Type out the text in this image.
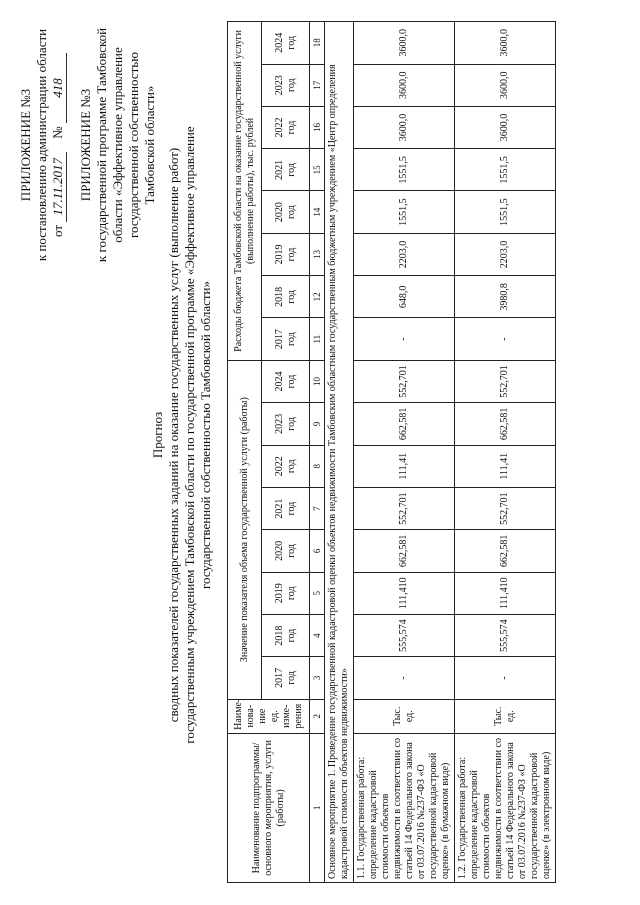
ПРИЛОЖЕНИЕ №3 к постановлению администрации области от 17.11.2017    № 418
ПРИЛОЖЕНИЕ №3 к государственной программе Тамбовской области «Эффективное управление государственной собственностью Тамбовской области»
Прогноз сводных показателей государственных заданий на оказание государственных услуг (выполнение работ) государственным учреждением Тамбовской области по государственной программе «Эффективное управление государственной собственностью Тамбовской области»
Наименование подпрограммы/основного мероприятия, услуги (работы)	Наиме-нова-ние ед. изме-рения	Значение показателя объема государственной услуги (работы)								Расходы бюджета Тамбовской области на оказание государственной услуги (выполнение работы), тыс. рублей							
		2017 год	2018 год	2019 год	2020 год	2021 год	2022 год	2023 год	2024 год	2017 год	2018 год	2019 год	2020 год	2021 год	2022 год	2023 год	2024 год
1	2	3	4	5	6	7	8	9	10	11	12	13	14	15	16	17	18
Основное мероприятие 1. Проведение государственной кадастровой оценки объектов недвижимости Тамбовским областным государственным бюджетным учреждением «Центр определения кадастровой стоимости объектов недвижимости»																	
1.1. Государственная работа: определение кадастровой стоимости объектов недвижимости в соответствии со статьей 14 Федерального закона от 03.07.2016 №237-ФЗ «О государственной кадастровой оценке» (в бумажном виде)	Тыс. ед.	-	555,574	111,410	662,581	552,701	111,41	662,581	552,701	-	648,0	2203,0	1551,5	1551,5	3600,0	3600,0	3600,0
1.2. Государственная работа: определение кадастровой стоимости объектов недвижимости в соответствии со статьей 14 Федерального закона от 03.07.2016 №237-ФЗ «О государственной кадастровой оценке» (в электронном виде)	Тыс. ед.	-	555,574	111,410	662,581	552,701	111,41	662,581	552,701	-	3980,8	2203,0	1551,5	1551,5	3600,0	3600,0	3600,0
